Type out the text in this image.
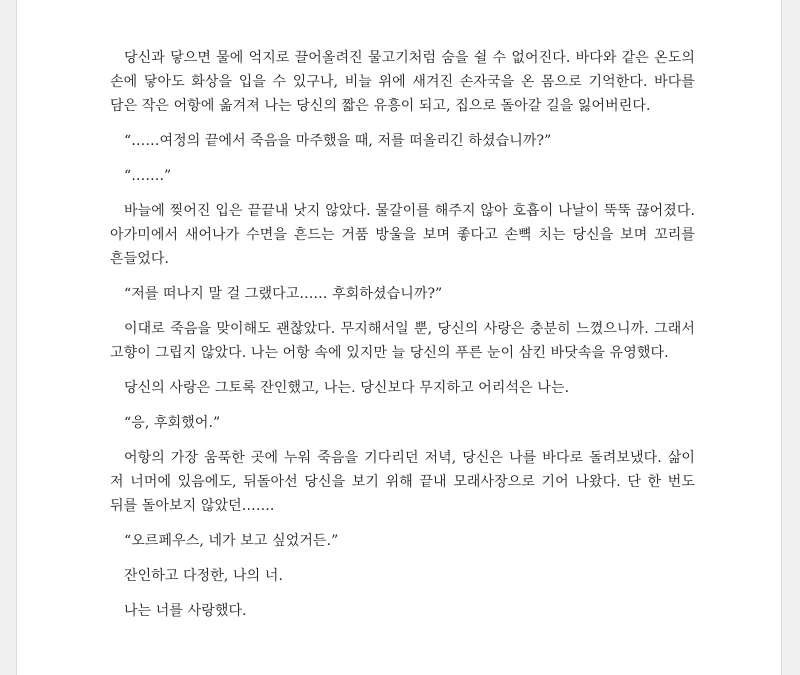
당신과 닿으면 물에 억지로 끌어올려진 물고기처럼 숨을 쉴 수 없어진다. 바다와 같은 온도의 손에 닿아도 화상을 입을 수 있구나, 비늘 위에 새겨진 손자국을 온 몸으로 기억한다. 바다를 담은 작은 어항에 옮겨져 나는 당신의 짧은 유흥이 되고, 집으로 돌아갈 길을 잃어버린다.

“……여정의 끝에서 죽음을 마주했을 때, 저를 떠올리긴 하셨습니까?”

“…….”

바늘에 찢어진 입은 끝끝내 낫지 않았다. 물갈이를 해주지 않아 호흡이 나날이 뚝뚝 끊어졌다. 아가미에서 새어나가 수면을 흔드는 거품 방울을 보며 좋다고 손뼉 치는 당신을 보며 꼬리를 흔들었다.

“저를 떠나지 말 걸 그랬다고…… 후회하셨습니까?”

이대로 죽음을 맞이해도 괜찮았다. 무지해서일 뿐, 당신의 사랑은 충분히 느꼈으니까. 그래서 고향이 그립지 않았다. 나는 어항 속에 있지만 늘 당신의 푸른 눈이 삼킨 바닷속을 유영했다.

당신의 사랑은 그토록 잔인했고, 나는. 당신보다 무지하고 어리석은 나는.

“응, 후회했어.”

어항의 가장 움푹한 곳에 누워 죽음을 기다리던 저녁, 당신은 나를 바다로 돌려보냈다. 삶이 저 너머에 있음에도, 뒤돌아선 당신을 보기 위해 끝내 모래사장으로 기어 나왔다. 단 한 번도 뒤를 돌아보지 않았던…….

“오르페우스, 네가 보고 싶었거든.”

잔인하고 다정한, 나의 너.

나는 너를 사랑했다.
